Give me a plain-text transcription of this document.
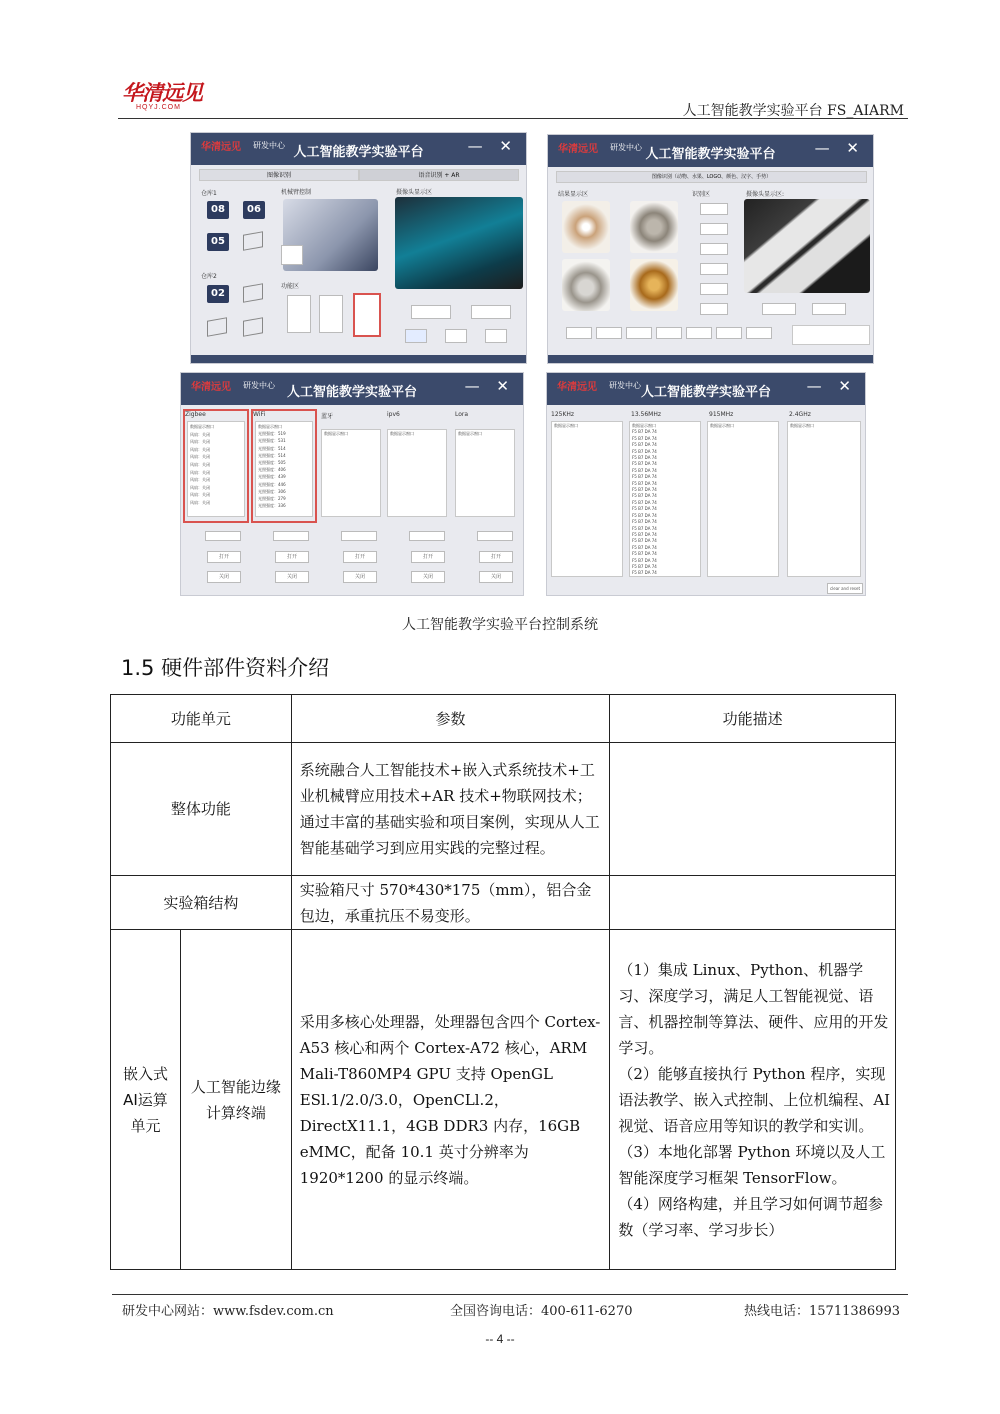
华清远见
HQYJ.COM	人工智能教学实验平台 FS_AIARM
华清远见 研发中心 人工智能教学实验平台	— ✕
图像识别	语音识别 + AR
仓库1
08	06
05
仓库2
02
机械臂控制	摄像头显示区
功能区
华清远见 研发中心 人工智能教学实验平台	— ✕
图像识别（动物、水果、LOGO、颜色、汉字、手势）
结果显示区	识别区	摄像头显示区:
华清远见 研发中心 人工智能教学实验平台	— ✕
Zigbee	WiFi	蓝牙	ipv6	Lora
数据显示窗口
风扇：关闭
风扇：关闭
风扇：关闭
风扇：关闭
风扇：关闭
风扇：关闭
风扇：关闭
风扇：关闭
风扇：关闭
风扇：关闭
数据显示窗口
光照强度：519
光照强度：531
光照强度：514
光照强度：514
光照强度：505
光照强度：406
光照强度：439
光照强度：446
光照强度：306
光照强度：279
光照强度：336
数据显示窗口	数据显示窗口	数据显示窗口
打开
关闭
打开
关闭
打开
关闭
打开
关闭
打开
关闭
华清远见 研发中心 人工智能教学实验平台	— ✕
125KHz	13.56MHz	915MHz	2.4GHz
数据显示窗口	数据显示窗口
F5 B7 DA 74
F5 B7 DA 74
F5 B7 DA 74
F5 B7 DA 74
F5 B7 DA 74
F5 B7 DA 74
F5 B7 DA 74
F5 B7 DA 74
F5 B7 DA 74
F5 B7 DA 74
F5 B7 DA 74
F5 B7 DA 74
F5 B7 DA 74
F5 B7 DA 74
F5 B7 DA 74
F5 B7 DA 74
F5 B7 DA 74
F5 B7 DA 74
F5 B7 DA 74
F5 B7 DA 74
F5 B7 DA 74
F5 B7 DA 74
F5 B7 DA 74
数据显示窗口	数据显示窗口
clear and reset
人工智能教学实验平台控制系统
1.5 硬件部件资料介绍
功能单元		参数	功能描述
整体功能		系统融合人工智能技术+嵌入式系统技术+工业机械臂应用技术+AR 技术+物联网技术；通过丰富的基础实验和项目案例，实现从人工智能基础学习到应用实践的完整过程。	
实验箱结构		实验箱尺寸 570*430*175（mm），铝合金包边，承重抗压不易变形。	
嵌入式AI运算单元	人工智能边缘计算终端	采用多核心处理器，处理器包含四个 Cortex-A53 核心和两个 Cortex-A72 核心，ARM Mali-T860MP4 GPU 支持 OpenGL ESl.1/2.0/3.0，OpenCLl.2，DirectX11.1，4GB DDR3 内存，16GB eMMC，配备 10.1 英寸分辨率为 1920*1200 的显示终端。	（1）集成 Linux、Python、机器学习、深度学习，满足人工智能视觉、语言、机器控制等算法、硬件、应用的开发学习。
（2）能够直接执行 Python 程序，实现语法教学、嵌入式控制、上位机编程、AI 视觉、语音应用等知识的教学和实训。
（3）本地化部署 Python 环境以及人工智能深度学习框架 TensorFlow。
（4）网络构建，并且学习如何调节超参数（学习率、学习步长）
研发中心网站：www.fsdev.com.cn	全国咨询电话：400-611-6270	热线电话：15711386993
-- 4 --
